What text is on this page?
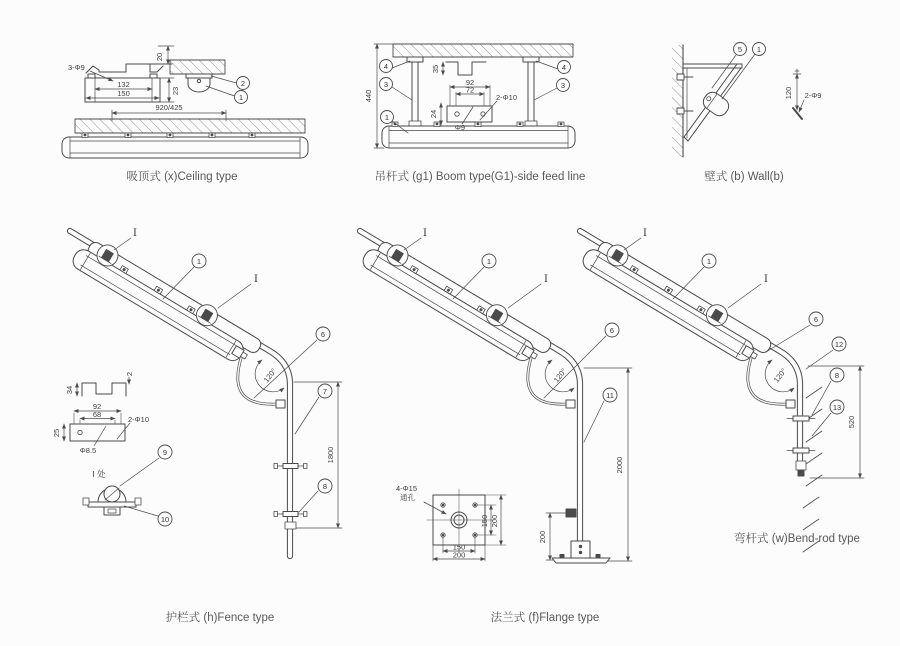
132
150
20
23
3-Φ9
2
1
920/425
吸顶式 (x)Ceiling type
440
4
3
4
3
1
35
92
72
24
Φ9
2-Φ10
吊杆式 (g1) Boom type(G1)-side feed line
5 1
120 2-Φ9
壁式 (b) Wall(b)
120°
I
I
1
6
1800
7
8
2
34
92
68
25
Φ8.5
2-Φ10
I 处
9
10
护栏式 (h)Fence type
120°
I
I
1
6
11
2000
200
4-Φ15
通孔
150 200
150
200
法兰式 (f)Flange type
120°
I
I
1
6
12
8
13
520
弯杆式 (w)Bend-rod type
